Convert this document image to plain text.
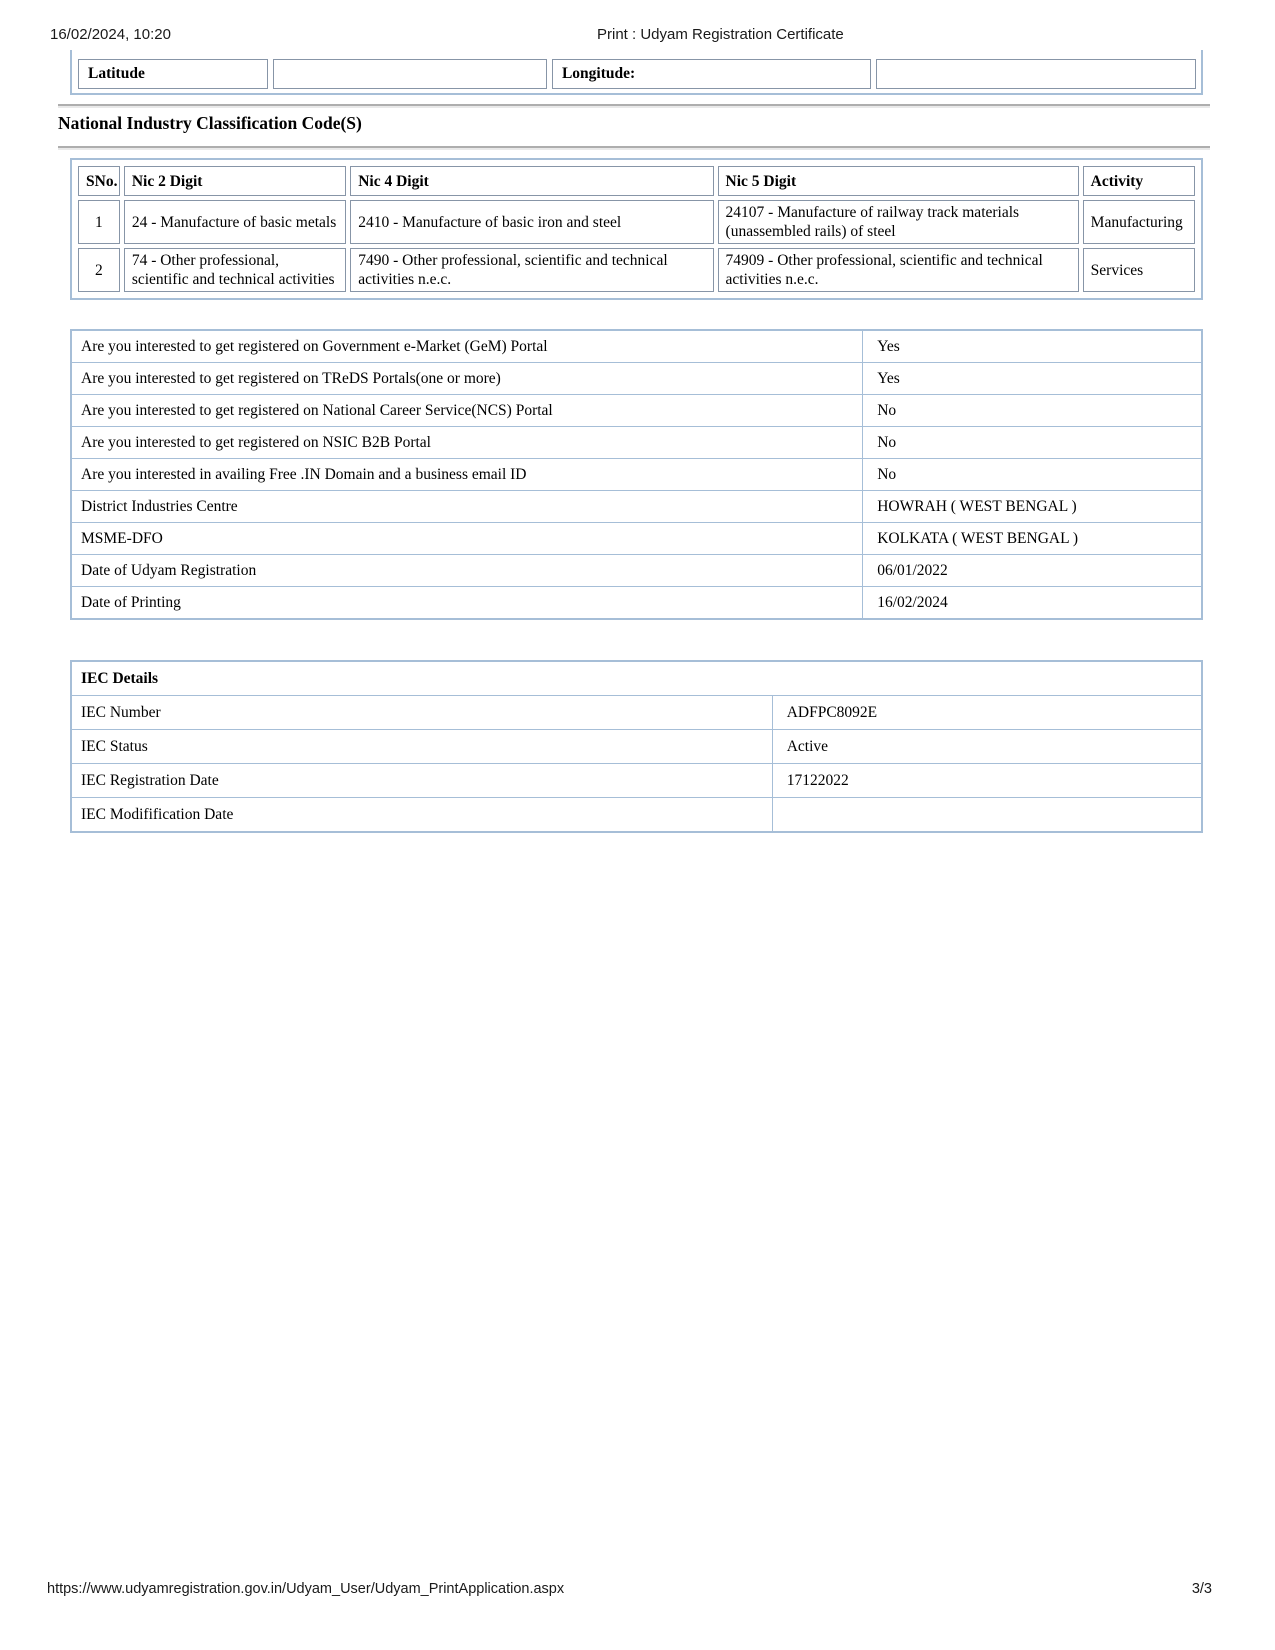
16/02/2024, 10:20	Print : Udyam Registration Certificate
Latitude	Longitude:
National Industry Classification Code(S)
SNo.	Nic 2 Digit	Nic 4 Digit	Nic 5 Digit	Activity
1	24 - Manufacture of basic metals	2410 - Manufacture of basic iron and steel	24107 - Manufacture of railway track materials (unassembled rails) of steel	Manufacturing
2	74 - Other professional, scientific and technical activities	7490 - Other professional, scientific and technical activities n.e.c.	74909 - Other professional, scientific and technical activities n.e.c.	Services
Are you interested to get registered on Government e-Market (GeM) Portal	Yes
Are you interested to get registered on TReDS Portals(one or more)	Yes
Are you interested to get registered on National Career Service(NCS) Portal	No
Are you interested to get registered on NSIC B2B Portal	No
Are you interested in availing Free .IN Domain and a business email ID	No
District Industries Centre	HOWRAH ( WEST BENGAL )
MSME-DFO	KOLKATA ( WEST BENGAL )
Date of Udyam Registration	06/01/2022
Date of Printing	16/02/2024
IEC Details	
IEC Number	ADFPC8092E
IEC Status	Active
IEC Registration Date	17122022
IEC Modifification Date	
https://www.udyamregistration.gov.in/Udyam_User/Udyam_PrintApplication.aspx	3/3
